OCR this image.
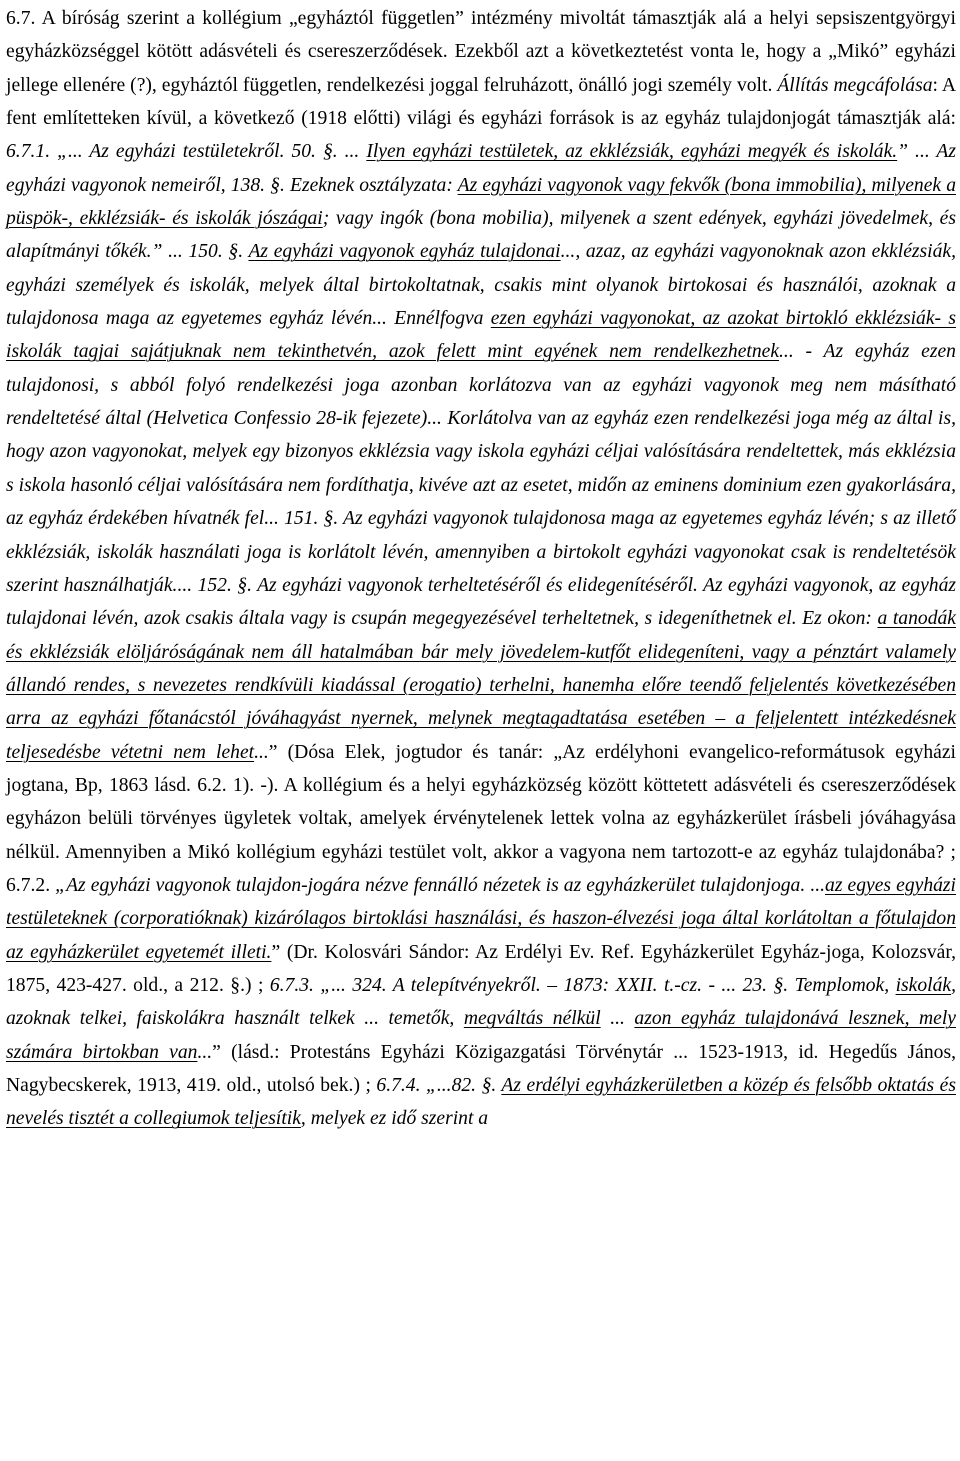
6.7. A bíróság szerint a kollégium „egyháztól független” intézmény mivoltát támasztják alá a helyi sepsiszentgyörgyi egyházközséggel kötött adásvételi és csereszerződések. Ezekből azt a következtetést vonta le, hogy a „Mikó” egyházi jellege ellenére (?), egyháztól független, rendelkezési joggal felruházott, önálló jogi személy volt. Állítás megcáfolása: A fent említetteken kívül, a következő (1918 előtti) világi és egyházi források is az egyház tulajdonjogát támasztják alá: 6.7.1. „... Az egyházi testületekről. 50. §. ... Ilyen egyházi testületek, az ekklézsiák, egyházi megyék és iskolák.” ... Az egyházi vagyonok nemeiről, 138. §. Ezeknek osztályzata: Az egyházi vagyonok vagy fekvők (bona immobilia), milyenek a püspök-, ekklézsiák- és iskolák jószágai; vagy ingók (bona mobilia), milyenek a szent edények, egyházi jövedelmek, és alapítmányi tőkék.” ... 150. §. Az egyházi vagyonok egyház tulajdonai..., azaz, az egyházi vagyonoknak azon ekklézsiák, egyházi személyek és iskolák, melyek által birtokoltatnak, csakis mint olyanok birtokosai és használói, azoknak a tulajdonosa maga az egyetemes egyház lévén... Ennélfogva ezen egyházi vagyonokat, az azokat birtokló ekklézsiák- s iskolák tagjai sajátjuknak nem tekinthetvén, azok felett mint egyének nem rendelkezhetnek... - Az egyház ezen tulajdonosi, s abból folyó rendelkezési joga azonban korlátozva van az egyházi vagyonok meg nem másítható rendeltetésé által (Helvetica Confessio 28-ik fejezete)... Korlátolva van az egyház ezen rendelkezési joga még az által is, hogy azon vagyonokat, melyek egy bizonyos ekklézsia vagy iskola egyházi céljai valósítására rendeltettek, más ekklézsia s iskola hasonló céljai valósítására nem fordíthatja, kivéve azt az esetet, midőn az eminens dominium ezen gyakorlására, az egyház érdekében hívatnék fel... 151. §. Az egyházi vagyonok tulajdonosa maga az egyetemes egyház lévén; s az illető ekklézsiák, iskolák használati joga is korlátolt lévén, amennyiben a birtokolt egyházi vagyonokat csak is rendeltetésök szerint használhatják.... 152. §. Az egyházi vagyonok terheltetéséről és elidegenítéséről. Az egyházi vagyonok, az egyház tulajdonai lévén, azok csakis általa vagy is csupán megegyezésével terheltetnek, s idegeníthetnek el. Ez okon: a tanodák és ekklézsiák elöljáróságának nem áll hatalmában bár mely jövedelem-kutfőt elidegeníteni, vagy a pénztárt valamely állandó rendes, s nevezetes rendkívüli kiadással (erogatio) terhelni, hanemha előre teendő feljelentés következésében arra az egyházi főtanácstól jóváhagyást nyernek, melynek megtagadtatása esetében – a feljelentett intézkedésnek teljesedésbe vétetni nem lehet...” (Dósa Elek, jogtudor és tanár: „Az erdélyhoni evangelico-reformátusok egyházi jogtana, Bp, 1863 lásd. 6.2. 1). -). A kollégium és a helyi egyházközség között köttetett adásvételi és csereszerződések egyházon belüli törvényes ügyletek voltak, amelyek érvénytelenek lettek volna az egyházkerület írásbeli jóváhagyása nélkül. Amennyiben a Mikó kollégium egyházi testület volt, akkor a vagyona nem tartozott-e az egyház tulajdonába? ; 6.7.2. „Az egyházi vagyonok tulajdon-jogára nézve fennálló nézetek is az egyházkerület tulajdonjoga. ...az egyes egyházi testületeknek (corporatióknak) kizárólagos birtoklási használási, és haszon-élvezési joga által korlátoltan a főtulajdon az egyházkerület egyetemét illeti.” (Dr. Kolosvári Sándor: Az Erdélyi Ev. Ref. Egyházkerület Egyház-joga, Kolozsvár, 1875, 423-427. old., a 212. §.) ; 6.7.3. „... 324. A telepítvényekről. – 1873: XXII. t.-cz. - ... 23. §. Templomok, iskolák, azoknak telkei, faiskolákra használt telkek ... temetők, megváltás nélkül ... azon egyház tulajdonává lesznek, mely számára birtokban van...” (lásd.: Protestáns Egyházi Közigazgatási Törvénytár ... 1523-1913, id. Hegedűs János, Nagybecskerek, 1913, 419. old., utolsó bek.) ; 6.7.4. „...82. §. Az erdélyi egyházkerületben a közép és felsőbb oktatás és nevelés tisztét a collegiumok teljesítik, melyek ez idő szerint a
